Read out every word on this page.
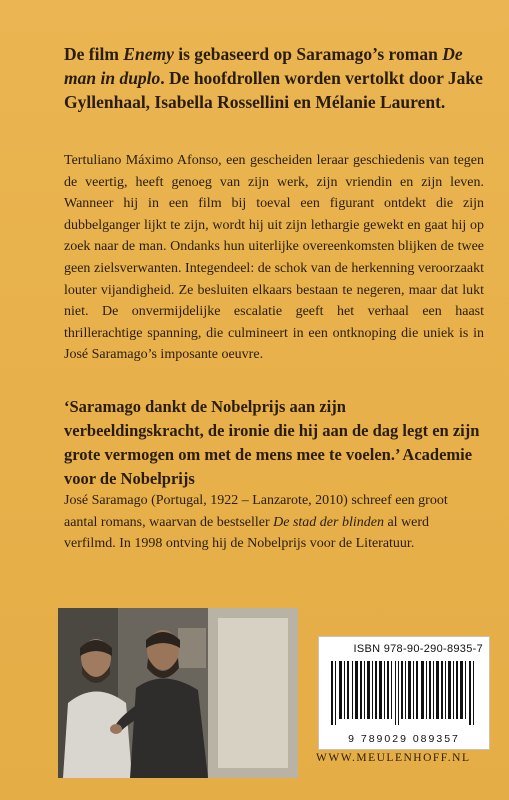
De film Enemy is gebaseerd op Saramago’s roman De man in duplo. De hoofdrollen worden vertolkt door Jake Gyllenhaal, Isabella Rossellini en Mélanie Laurent.

Tertuliano Máximo Afonso, een gescheiden leraar geschiedenis van tegen de veertig, heeft genoeg van zijn werk, zijn vriendin en zijn leven. Wanneer hij in een film bij toeval een figurant ontdekt die zijn dubbelganger lijkt te zijn, wordt hij uit zijn lethargie gewekt en gaat hij op zoek naar de man. Ondanks hun uiterlijke overeenkomsten blijken de twee geen zielsverwanten. Integendeel: de schok van de herkenning veroorzaakt louter vijandigheid. Ze besluiten elkaars bestaan te negeren, maar dat lukt niet. De onvermijdelijke escalatie geeft het verhaal een haast thrillerachtige spanning, die culmineert in een ontknoping die uniek is in José Saramago’s imposante oeuvre.

‘Saramago dankt de Nobelprijs aan zijn verbeeldingskracht, de ironie die hij aan de dag legt en zijn grote vermogen om met de mens mee te voelen.’ Academie voor de Nobelprijs

José Saramago (Portugal, 1922 – Lanzarote, 2010) schreef een groot aantal romans, waarvan de bestseller De stad der blinden al werd verfilmd. In 1998 ontving hij de Nobelprijs voor de Literatuur.

ISBN 978-90-290-8935-7
9 789029 089357
WWW.MEULENHOFF.NL
